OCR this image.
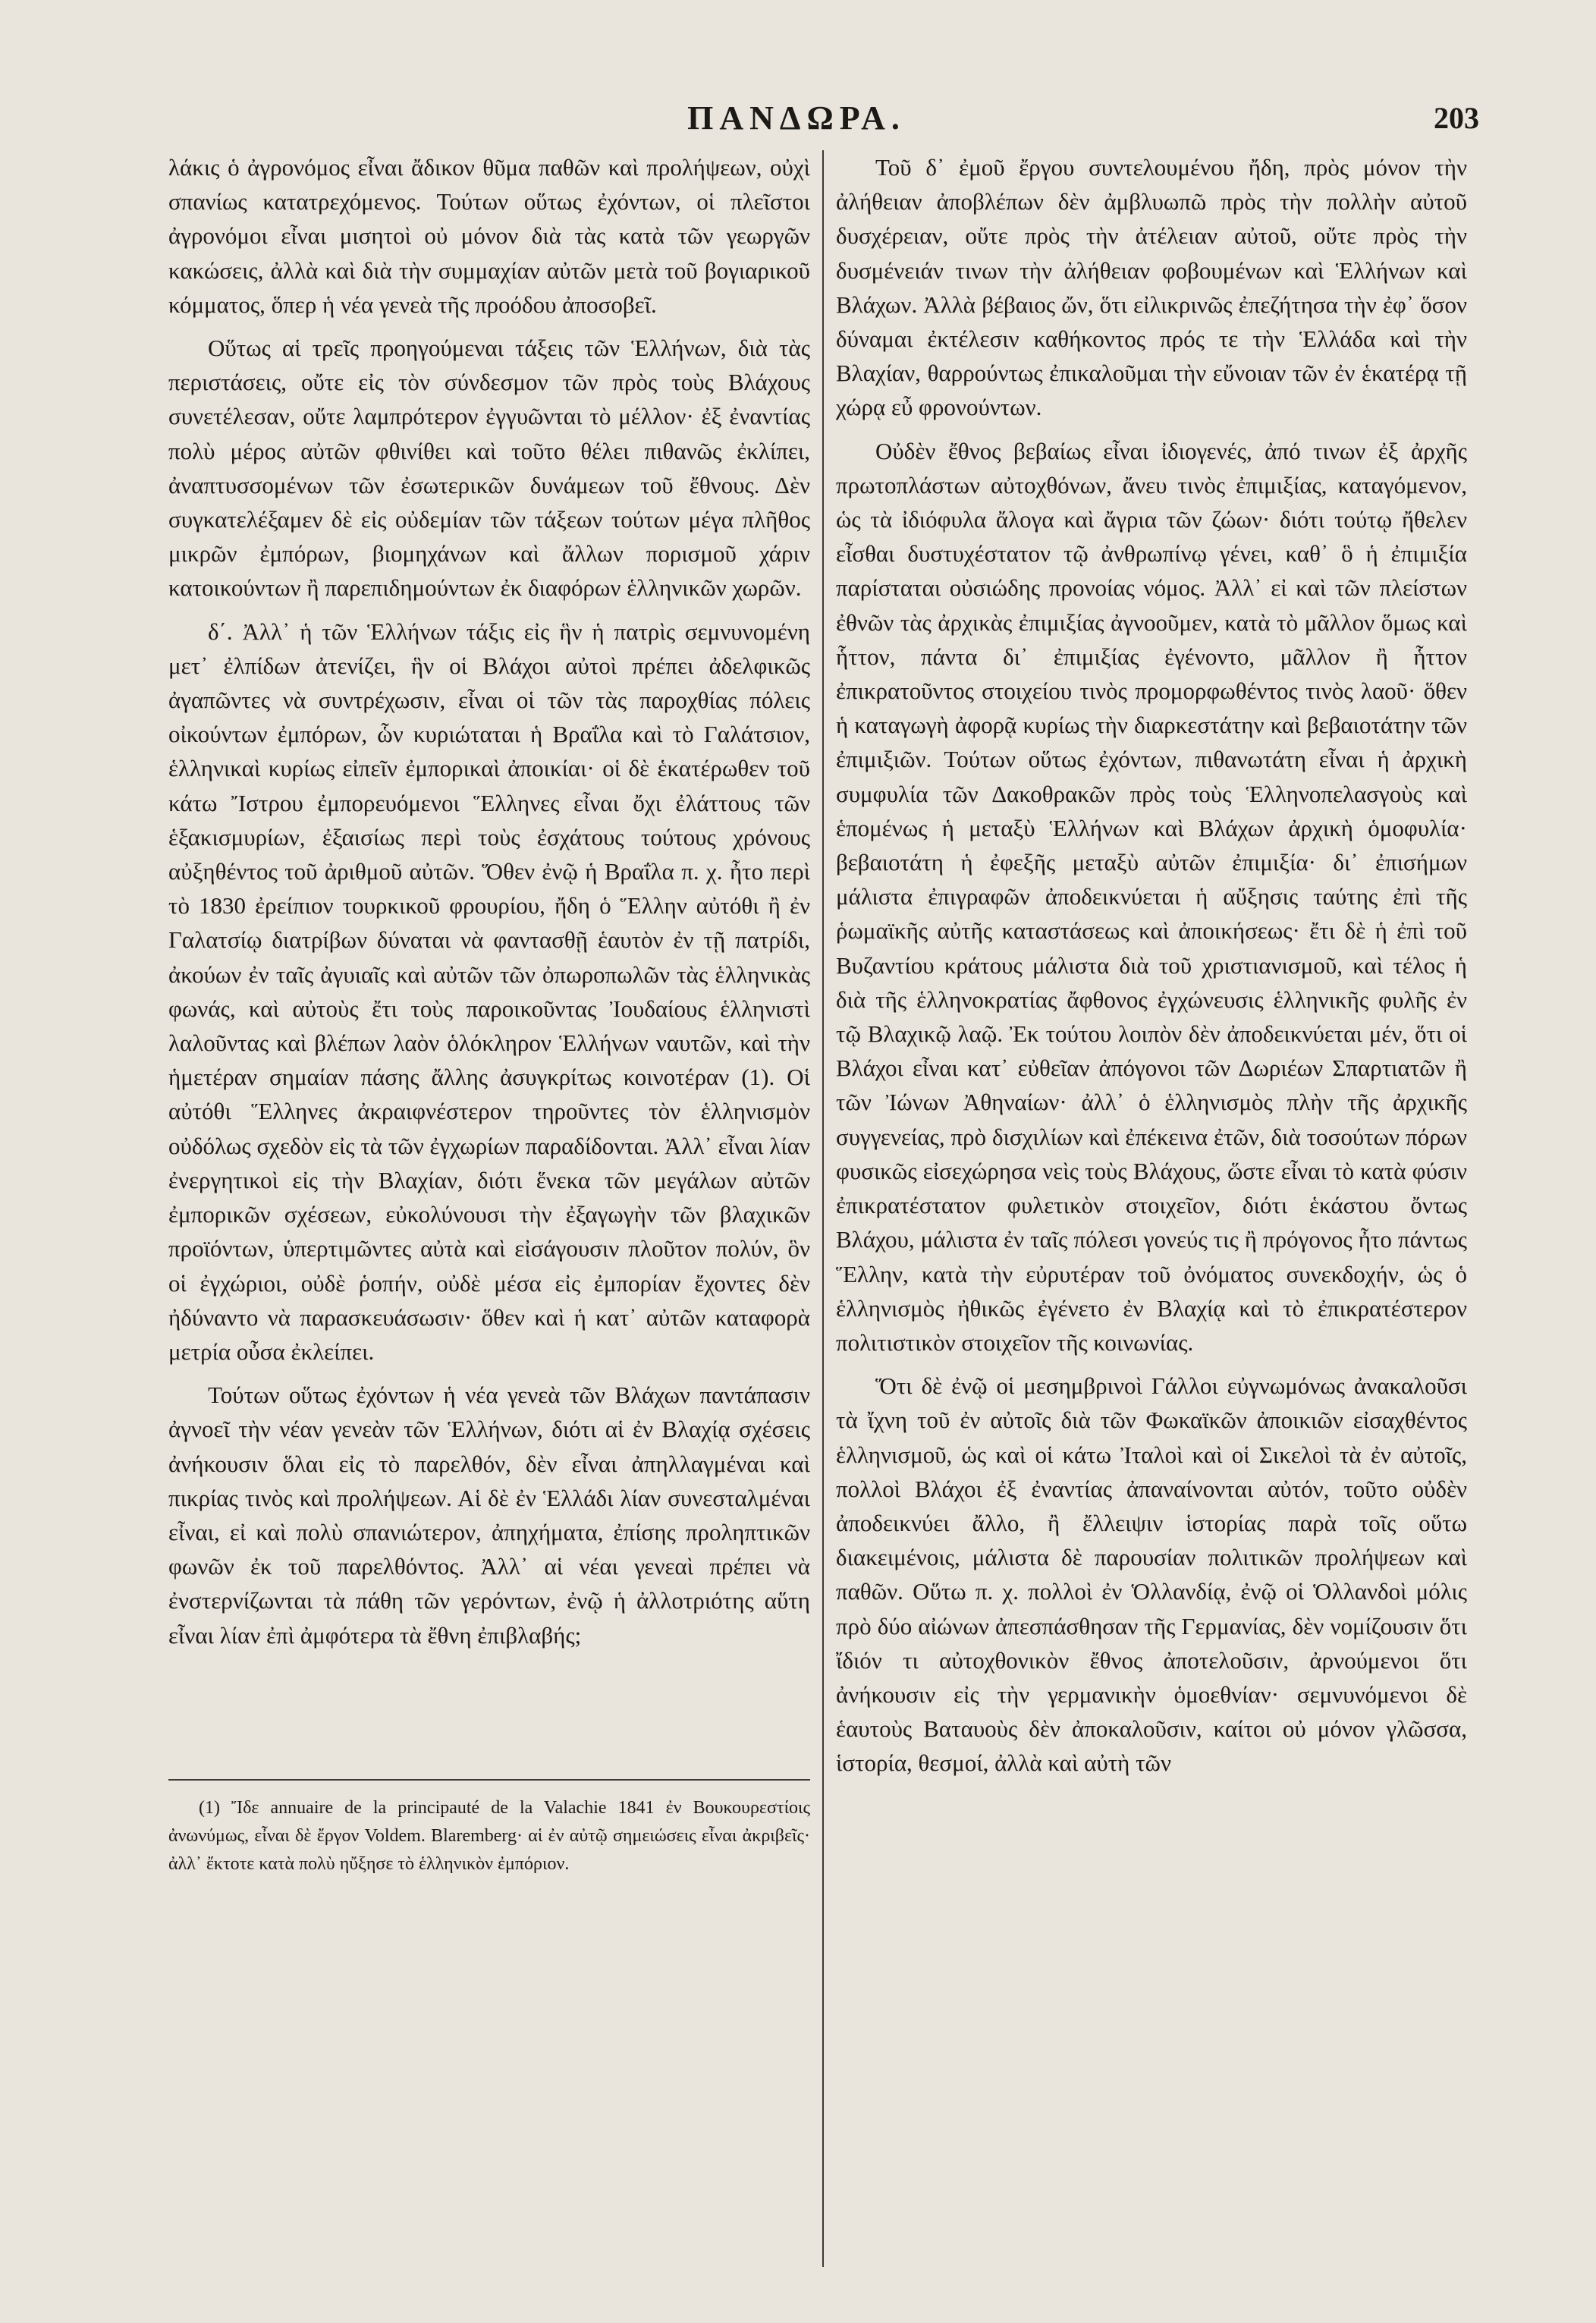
ΠΑΝΔΩΡΑ.	203

λάκις ὁ ἀγρονόμος εἶναι ἄδικον θῦμα παθῶν καὶ προλήψεων, οὐχὶ σπανίως κατατρεχόμενος. Τούτων οὕτως ἐχόντων, οἱ πλεῖστοι ἀγρονόμοι εἶναι μισητοὶ οὐ μόνον διὰ τὰς κατὰ τῶν γεωργῶν κακώσεις, ἀλλὰ καὶ διὰ τὴν συμμαχίαν αὐτῶν μετὰ τοῦ βογιαρικοῦ κόμματος, ὅπερ ἡ νέα γενεὰ τῆς προόδου ἀποσοβεῖ.

Οὕτως αἱ τρεῖς προηγούμεναι τάξεις τῶν Ἑλλήνων, διὰ τὰς περιστάσεις, οὔτε εἰς τὸν σύνδεσμον τῶν πρὸς τοὺς Βλάχους συνετέλεσαν, οὔτε λαμπρότερον ἐγγυῶνται τὸ μέλλον· ἐξ ἐναντίας πολὺ μέρος αὐτῶν φθινίθει καὶ τοῦτο θέλει πιθανῶς ἐκλίπει, ἀναπτυσσομένων τῶν ἐσωτερικῶν δυνάμεων τοῦ ἔθνους. Δὲν συγκατελέξαμεν δὲ εἰς οὐδεμίαν τῶν τάξεων τούτων μέγα πλῆθος μικρῶν ἐμπόρων, βιομηχάνων καὶ ἄλλων πορισμοῦ χάριν κατοικούντων ἢ παρεπιδημούντων ἐκ διαφόρων ἑλληνικῶν χωρῶν.

δ΄. Ἀλλ᾽ ἡ τῶν Ἑλλήνων τάξις εἰς ἣν ἡ πατρὶς σεμνυνομένη μετ᾽ ἐλπίδων ἀτενίζει, ἣν οἱ Βλάχοι αὐτοὶ πρέπει ἀδελφικῶς ἀγαπῶντες νὰ συντρέχωσιν, εἶναι οἱ τῶν τὰς παροχθίας πόλεις οἰκούντων ἐμπόρων, ὧν κυριώταται ἡ Βραΐλα καὶ τὸ Γαλάτσιον, ἑλληνικαὶ κυρίως εἰπεῖν ἐμπορικαὶ ἀποικίαι· οἱ δὲ ἑκατέρωθεν τοῦ κάτω Ἴστρου ἐμπορευόμενοι Ἕλληνες εἶναι ὄχι ἐλάττους τῶν ἑξακισμυρίων, ἐξαισίως περὶ τοὺς ἐσχάτους τούτους χρόνους αὐξηθέντος τοῦ ἀριθμοῦ αὐτῶν. Ὅθεν ἐνῷ ἡ Βραΐλα π. χ. ἦτο περὶ τὸ 1830 ἐρείπιον τουρκικοῦ φρουρίου, ἤδη ὁ Ἕλλην αὐτόθι ἢ ἐν Γαλατσίῳ διατρίβων δύναται νὰ φαντασθῇ ἑαυτὸν ἐν τῇ πατρίδι, ἀκούων ἐν ταῖς ἀγυιαῖς καὶ αὐτῶν τῶν ὀπωροπωλῶν τὰς ἑλληνικὰς φωνάς, καὶ αὐτοὺς ἔτι τοὺς παροικοῦντας Ἰουδαίους ἑλληνιστὶ λαλοῦντας καὶ βλέπων λαὸν ὁλόκληρον Ἑλλήνων ναυτῶν, καὶ τὴν ἡμετέραν σημαίαν πάσης ἄλλης ἀσυγκρίτως κοινοτέραν (1). Οἱ αὐτόθι Ἕλληνες ἀκραιφνέστερον τηροῦντες τὸν ἑλληνισμὸν οὐδόλως σχεδὸν εἰς τὰ τῶν ἐγχωρίων παραδίδονται. Ἀλλ᾽ εἶναι λίαν ἐνεργητικοὶ εἰς τὴν Βλαχίαν, διότι ἕνεκα τῶν μεγάλων αὐτῶν ἐμπορικῶν σχέσεων, εὐκολύνουσι τὴν ἐξαγωγὴν τῶν βλαχικῶν προϊόντων, ὑπερτιμῶντες αὐτὰ καὶ εἰσάγουσιν πλοῦτον πολύν, ὃν οἱ ἐγχώριοι, οὐδὲ ῥοπήν, οὐδὲ μέσα εἰς ἐμπορίαν ἔχοντες δὲν ἠδύναντο νὰ παρασκευάσωσιν· ὅθεν καὶ ἡ κατ᾽ αὐτῶν καταφορὰ μετρία οὖσα ἐκλείπει.

Τούτων οὕτως ἐχόντων ἡ νέα γενεὰ τῶν Βλάχων παντάπασιν ἀγνοεῖ τὴν νέαν γενεὰν τῶν Ἑλλήνων, διότι αἱ ἐν Βλαχίᾳ σχέσεις ἀνήκουσιν ὅλαι εἰς τὸ παρελθόν, δὲν εἶναι ἀπηλλαγμέναι καὶ πικρίας τινὸς καὶ προλήψεων. Αἱ δὲ ἐν Ἑλλάδι λίαν συνεσταλμέναι εἶναι, εἰ καὶ πολὺ σπανιώτερον, ἀπηχήματα, ἐπίσης προληπτικῶν φωνῶν ἐκ τοῦ παρελθόντος. Ἀλλ᾽ αἱ νέαι γενεαὶ πρέπει νὰ ἐνστερνίζωνται τὰ πάθη τῶν γερόντων, ἐνῷ ἡ ἀλλοτριότης αὕτη εἶναι λίαν ἐπὶ ἀμφότερα τὰ ἔθνη ἐπιβλαβής;

(1) Ἴδε annuaire de la principauté de la Valachie 1841 ἐν Βουκουρεστίοις ἀνωνύμως, εἶναι δὲ ἔργον Voldem. Blaremberg· αἱ ἐν αὐτῷ σημειώσεις εἶναι ἀκριβεῖς· ἀλλ᾽ ἔκτοτε κατὰ πολὺ ηὔξησε τὸ ἑλληνικὸν ἐμπόριον.

Τοῦ δ᾽ ἐμοῦ ἔργου συντελουμένου ἤδη, πρὸς μόνον τὴν ἀλήθειαν ἀποβλέπων δὲν ἀμβλυωπῶ πρὸς τὴν πολλὴν αὐτοῦ δυσχέρειαν, οὔτε πρὸς τὴν ἀτέλειαν αὐτοῦ, οὔτε πρὸς τὴν δυσμένειάν τινων τὴν ἀλήθειαν φοβουμένων καὶ Ἑλλήνων καὶ Βλάχων. Ἀλλὰ βέβαιος ὤν, ὅτι εἰλικρινῶς ἐπεζήτησα τὴν ἐφ᾽ ὅσον δύναμαι ἐκτέλεσιν καθήκοντος πρός τε τὴν Ἑλλάδα καὶ τὴν Βλαχίαν, θαρρούντως ἐπικαλοῦμαι τὴν εὔνοιαν τῶν ἐν ἑκατέρᾳ τῇ χώρᾳ εὖ φρονούντων.

Οὐδὲν ἔθνος βεβαίως εἶναι ἰδιογενές, ἀπό τινων ἐξ ἀρχῆς πρωτοπλάστων αὐτοχθόνων, ἄνευ τινὸς ἐπιμιξίας, καταγόμενον, ὡς τὰ ἰδιόφυλα ἄλογα καὶ ἄγρια τῶν ζώων· διότι τούτῳ ἤθελεν εἶσθαι δυστυχέστατον τῷ ἀνθρωπίνῳ γένει, καθ᾽ ὃ ἡ ἐπιμιξία παρίσταται οὐσιώδης προνοίας νόμος. Ἀλλ᾽ εἰ καὶ τῶν πλείστων ἐθνῶν τὰς ἀρχικὰς ἐπιμιξίας ἀγνοοῦμεν, κατὰ τὸ μᾶλλον ὅμως καὶ ἧττον, πάντα δι᾽ ἐπιμιξίας ἐγένοντο, μᾶλλον ἢ ἧττον ἐπικρατοῦντος στοιχείου τινὸς προμορφωθέντος τινὸς λαοῦ· ὅθεν ἡ καταγωγὴ ἀφορᾷ κυρίως τὴν διαρκεστάτην καὶ βεβαιοτάτην τῶν ἐπιμιξιῶν. Τούτων οὕτως ἐχόντων, πιθανωτάτη εἶναι ἡ ἀρχικὴ συμφυλία τῶν Δακοθρακῶν πρὸς τοὺς Ἑλληνοπελασγοὺς καὶ ἑπομένως ἡ μεταξὺ Ἑλλήνων καὶ Βλάχων ἀρχικὴ ὁμοφυλία· βεβαιοτάτη ἡ ἐφεξῆς μεταξὺ αὐτῶν ἐπιμιξία· δι᾽ ἐπισήμων μάλιστα ἐπιγραφῶν ἀποδεικνύεται ἡ αὔξησις ταύτης ἐπὶ τῆς ῥωμαϊκῆς αὐτῆς καταστάσεως καὶ ἀποικήσεως· ἔτι δὲ ἡ ἐπὶ τοῦ Βυζαντίου κράτους μάλιστα διὰ τοῦ χριστιανισμοῦ, καὶ τέλος ἡ διὰ τῆς ἑλληνοκρατίας ἄφθονος ἐγχώνευσις ἑλληνικῆς φυλῆς ἐν τῷ Βλαχικῷ λαῷ. Ἐκ τούτου λοιπὸν δὲν ἀποδεικνύεται μέν, ὅτι οἱ Βλάχοι εἶναι κατ᾽ εὐθεῖαν ἀπόγονοι τῶν Δωριέων Σπαρτιατῶν ἢ τῶν Ἰώνων Ἀθηναίων· ἀλλ᾽ ὁ ἑλληνισμὸς πλὴν τῆς ἀρχικῆς συγγενείας, πρὸ δισχιλίων καὶ ἐπέκεινα ἐτῶν, διὰ τοσούτων πόρων φυσικῶς εἰσεχώρησα νεὶς τοὺς Βλάχους, ὥστε εἶναι τὸ κατὰ φύσιν ἐπικρατέστατον φυλετικὸν στοιχεῖον, διότι ἑκάστου ὄντως Βλάχου, μάλιστα ἐν ταῖς πόλεσι γονεύς τις ἢ πρόγονος ἦτο πάντως Ἕλλην, κατὰ τὴν εὐρυτέραν τοῦ ὀνόματος συνεκδοχήν, ὡς ὁ ἑλληνισμὸς ἠθικῶς ἐγένετο ἐν Βλαχίᾳ καὶ τὸ ἐπικρατέστερον πολιτιστικὸν στοιχεῖον τῆς κοινωνίας.

Ὅτι δὲ ἐνῷ οἱ μεσημβρινοὶ Γάλλοι εὐγνωμόνως ἀνακαλοῦσι τὰ ἴχνη τοῦ ἐν αὐτοῖς διὰ τῶν Φωκαϊκῶν ἀποικιῶν εἰσαχθέντος ἑλληνισμοῦ, ὡς καὶ οἱ κάτω Ἰταλοὶ καὶ οἱ Σικελοὶ τὰ ἐν αὐτοῖς, πολλοὶ Βλάχοι ἐξ ἐναντίας ἀπαναίνονται αὐτόν, τοῦτο οὐδὲν ἀποδεικνύει ἄλλο, ἢ ἔλλειψιν ἱστορίας παρὰ τοῖς οὕτω διακειμένοις, μάλιστα δὲ παρουσίαν πολιτικῶν προλήψεων καὶ παθῶν. Οὕτω π. χ. πολλοὶ ἐν Ὁλλανδίᾳ, ἐνῷ οἱ Ὁλλανδοὶ μόλις πρὸ δύο αἰώνων ἀπεσπάσθησαν τῆς Γερμανίας, δὲν νομίζουσιν ὅτι ἴδιόν τι αὐτοχθονικὸν ἔθνος ἀποτελοῦσιν, ἀρνούμενοι ὅτι ἀνήκουσιν εἰς τὴν γερμανικὴν ὁμοεθνίαν· σεμνυνόμενοι δὲ ἑαυτοὺς Βαταυοὺς δὲν ἀποκαλοῦσιν, καίτοι οὐ μόνον γλῶσσα, ἱστορία, θεσμοί, ἀλλὰ καὶ αὐτὴ τῶν
